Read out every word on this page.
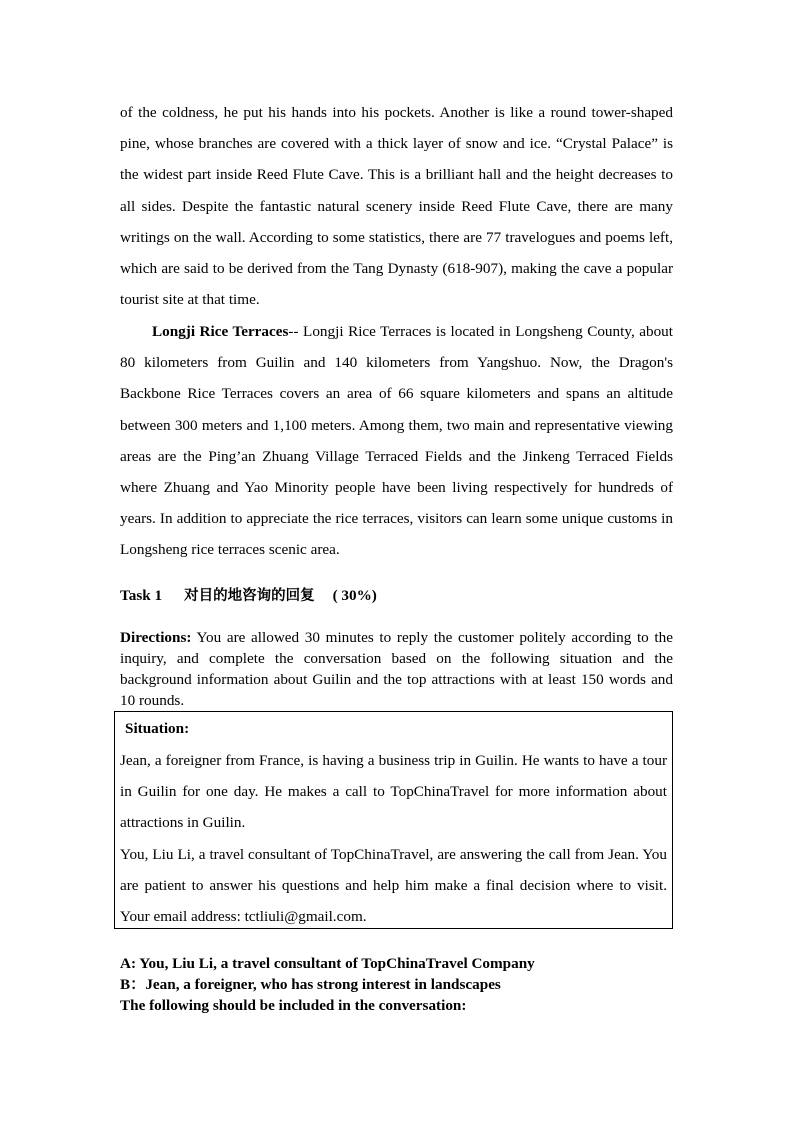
of the coldness, he put his hands into his pockets. Another is like a round tower-shaped pine, whose branches are covered with a thick layer of snow and ice. “Crystal Palace” is the widest part inside Reed Flute Cave. This is a brilliant hall and the height decreases to all sides. Despite the fantastic natural scenery inside Reed Flute Cave, there are many writings on the wall. According to some statistics, there are 77 travelogues and poems left, which are said to be derived from the Tang Dynasty (618-907), making the cave a popular tourist site at that time.
Longji Rice Terraces-- Longji Rice Terraces is located in Longsheng County, about 80 kilometers from Guilin and 140 kilometers from Yangshuo. Now, the Dragon's Backbone Rice Terraces covers an area of 66 square kilometers and spans an altitude between 300 meters and 1,100 meters. Among them, two main and representative viewing areas are the Ping’an Zhuang Village Terraced Fields and the Jinkeng Terraced Fields where Zhuang and Yao Minority people have been living respectively for hundreds of years. In addition to appreciate the rice terraces, visitors can learn some unique customs in Longsheng rice terraces scenic area.
Task 1 对目的地咨询的回复 ( 30%)
Directions: You are allowed 30 minutes to reply the customer politely according to the inquiry, and complete the conversation based on the following situation and the background information about Guilin and the top attractions with at least 150 words and 10 rounds.
Situation:

Jean, a foreigner from France, is having a business trip in Guilin. He wants to have a tour in Guilin for one day. He makes a call to TopChinaTravel for more information about attractions in Guilin.

You, Liu Li, a travel consultant of TopChinaTravel, are answering the call from Jean. You are patient to answer his questions and help him make a final decision where to visit. Your email address: tctliuli@gmail.com.

A: You, Liu Li, a travel consultant of TopChinaTravel Company
B：Jean, a foreigner, who has strong interest in landscapes
The following should be included in the conversation:
